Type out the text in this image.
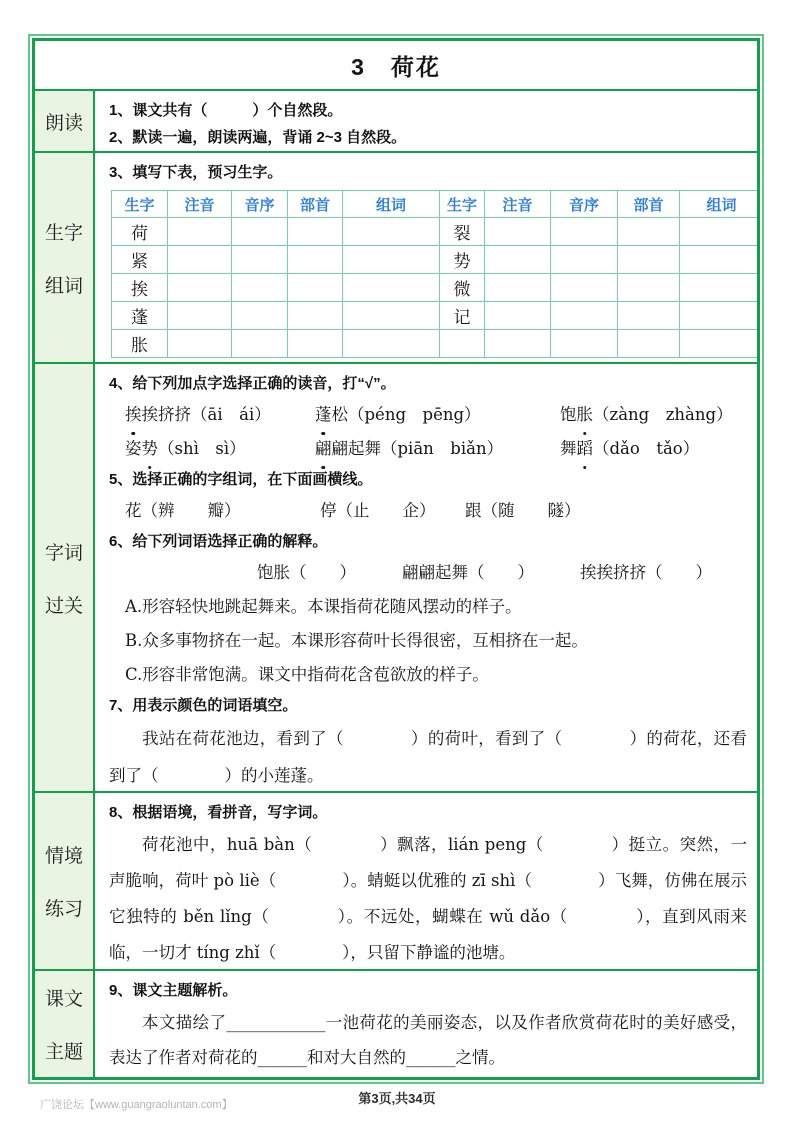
3　荷花
朗读
1、课文共有（　　　）个自然段。
2、默读一遍，朗读两遍，背诵 2~3 自然段。
生字
组词
3、填写下表，预习生字。
生字	注音	音序	部首	组词	生字	注音	音序	部首	组词
荷					裂				
紧					势				
挨					微				
蓬					记				
胀									
字词
过关
4、给下列加点字选择正确的读音，打“√”。
挨挨挤挤（āi　ái）	蓬松（péng　pēng）	饱胀（zàng　zhàng）
姿势（shì　sì）	翩翩起舞（piān　biǎn）	舞蹈（dǎo　tǎo）
5、选择正确的字组词，在下面画横线。
花（辨　　瓣）	停（止　　企）	跟（随　　隧）
6、给下列词语选择正确的解释。
饱胀（　　）	翩翩起舞（　　）	挨挨挤挤（　　）
A.形容轻快地跳起舞来。本课指荷花随风摆动的样子。
B.众多事物挤在一起。本课形容荷叶长得很密，互相挤在一起。
C.形容非常饱满。课文中指荷花含苞欲放的样子。
7、用表示颜色的词语填空。
我站在荷花池边，看到了（　　　　）的荷叶，看到了（　　　　）的荷花，还看到了（　　　　）的小莲蓬。
情境
练习
8、根据语境，看拼音，写字词。
荷花池中，huā bàn（　　　　）飘落，lián peng（　　　　）挺立。突然，一声脆响，荷叶 pò liè（　　　　）。蜻蜓以优雅的 zī shì（　　　　）飞舞，仿佛在展示它独特的 běn lǐng（　　　　）。不远处，蝴蝶在 wǔ dǎo（　　　　），直到风雨来临，一切才 tíng zhǐ（　　　　），只留下静谧的池塘。
课文
主题
9、课文主题解析。
本文描绘了____________一池荷花的美丽姿态，以及作者欣赏荷花时的美好感受，表达了作者对荷花的______和对大自然的______之情。
广饶论坛【www.guangraoluntan.com】	第3页,共34页
